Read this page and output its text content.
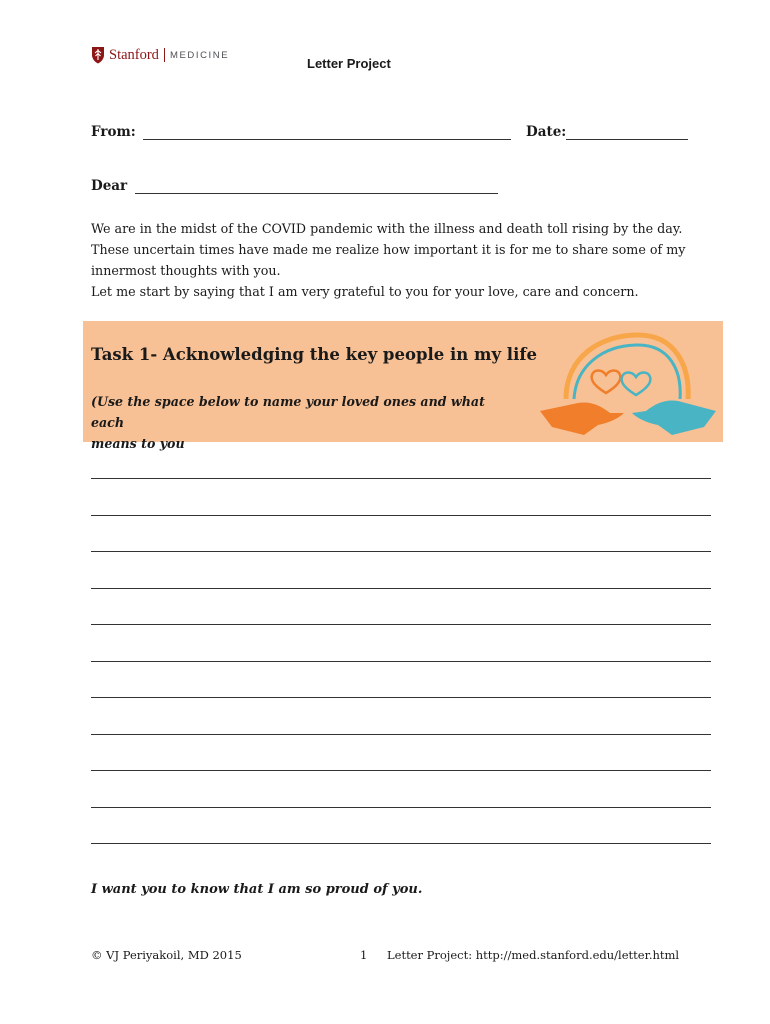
Stanford MEDICINE
Letter Project
From:	Date:
Dear

We are in the midst of the COVID pandemic with the illness and death toll rising by the day.

These uncertain times have made me realize how important it is for me to share some of my

innermost thoughts with you.

Let me start by saying that I am very grateful to you for your love, care and concern.

Task 1- Acknowledging the key people in my life
(Use the space below to name your loved ones and what each
means to you
I want you to know that I am so proud of you.
© VJ Periyakoil, MD 2015	1 Letter Project: http://med.stanford.edu/letter.html
